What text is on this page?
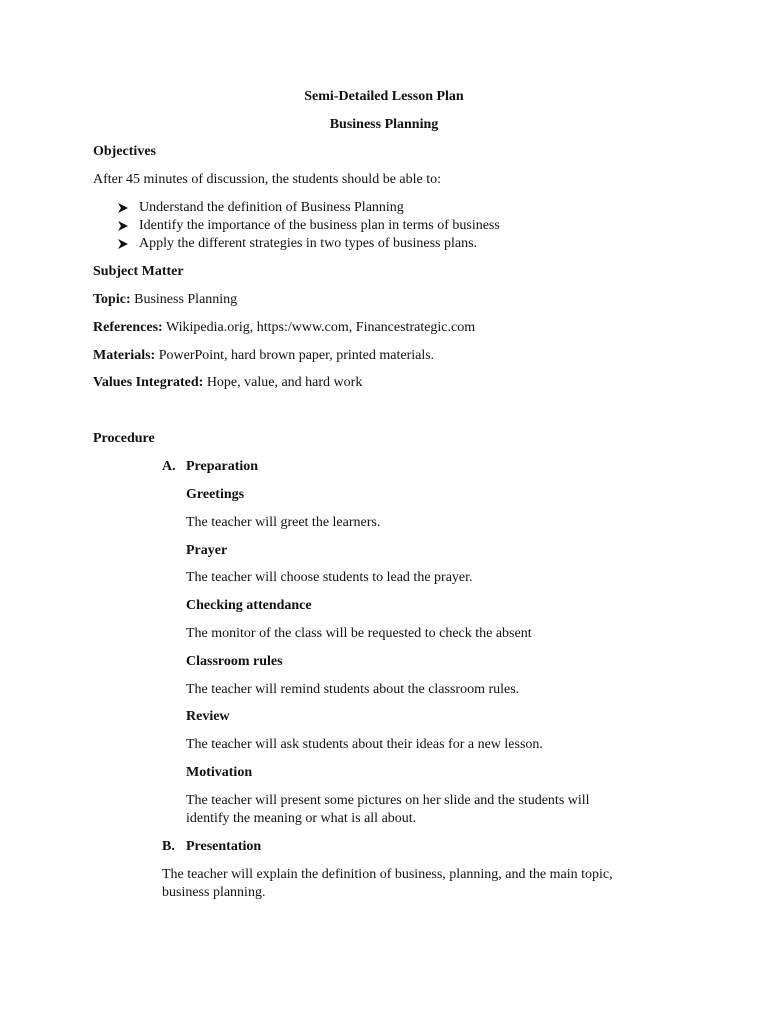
Semi-Detailed Lesson Plan
Business Planning
Objectives
After 45 minutes of discussion, the students should be able to:
Understand the definition of Business Planning
Identify the importance of the business plan in terms of business
Apply the different strategies in two types of business plans.
Subject Matter
Topic: Business Planning
References: Wikipedia.orig, https:/www.com, Financestrategic.com
Materials: PowerPoint, hard brown paper, printed materials.
Values Integrated: Hope, value, and hard work
Procedure
A. Preparation
Greetings
The teacher will greet the learners.
Prayer
The teacher will choose students to lead the prayer.
Checking attendance
The monitor of the class will be requested to check the absent
Classroom rules
The teacher will remind students about the classroom rules.
Review
The teacher will ask students about their ideas for a new lesson.
Motivation
The teacher will present some pictures on her slide and the students will
identify the meaning or what is all about.
B. Presentation
The teacher will explain the definition of business, planning, and the main topic,
business planning.
